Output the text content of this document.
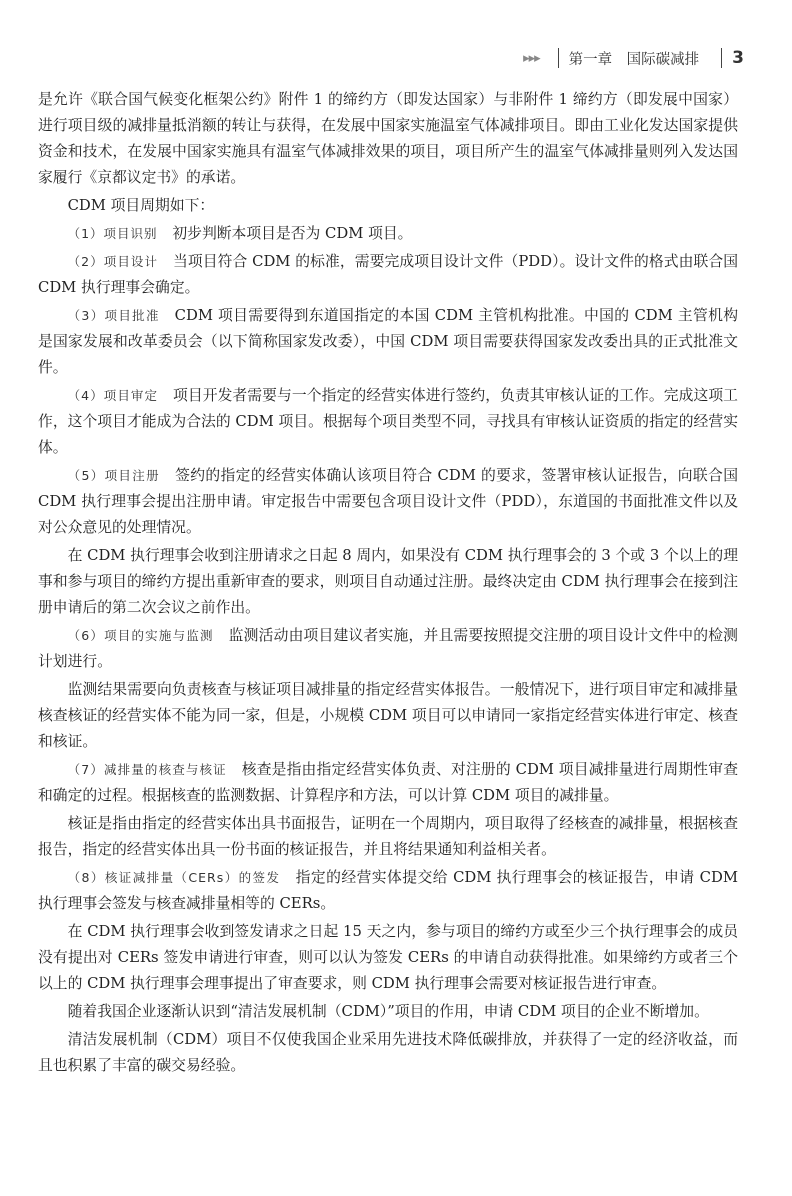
▸▸▸ 第一章　国际碳减排 3

是允许《联合国气候变化框架公约》附件 1 的缔约方（即发达国家）与非附件 1 缔约方（即发展中国家）进行项目级的减排量抵消额的转让与获得，在发展中国家实施温室气体减排项目。即由工业化发达国家提供资金和技术，在发展中国家实施具有温室气体减排效果的项目，项目所产生的温室气体减排量则列入发达国家履行《京都议定书》的承诺。

CDM 项目周期如下：

（1）项目识别  初步判断本项目是否为 CDM 项目。

（2）项目设计  当项目符合 CDM 的标准，需要完成项目设计文件（PDD）。设计文件的格式由联合国 CDM 执行理事会确定。

（3）项目批准  CDM 项目需要得到东道国指定的本国 CDM 主管机构批准。中国的 CDM 主管机构是国家发展和改革委员会（以下简称国家发改委），中国 CDM 项目需要获得国家发改委出具的正式批准文件。

（4）项目审定  项目开发者需要与一个指定的经营实体进行签约，负责其审核认证的工作。完成这项工作，这个项目才能成为合法的 CDM 项目。根据每个项目类型不同，寻找具有审核认证资质的指定的经营实体。

（5）项目注册  签约的指定的经营实体确认该项目符合 CDM 的要求，签署审核认证报告，向联合国 CDM 执行理事会提出注册申请。审定报告中需要包含项目设计文件（PDD），东道国的书面批准文件以及对公众意见的处理情况。

在 CDM 执行理事会收到注册请求之日起 8 周内，如果没有 CDM 执行理事会的 3 个或 3 个以上的理事和参与项目的缔约方提出重新审查的要求，则项目自动通过注册。最终决定由 CDM 执行理事会在接到注册申请后的第二次会议之前作出。

（6）项目的实施与监测  监测活动由项目建议者实施，并且需要按照提交注册的项目设计文件中的检测计划进行。

监测结果需要向负责核查与核证项目减排量的指定经营实体报告。一般情况下，进行项目审定和减排量核查核证的经营实体不能为同一家，但是，小规模 CDM 项目可以申请同一家指定经营实体进行审定、核查和核证。

（7）减排量的核查与核证  核查是指由指定经营实体负责、对注册的 CDM 项目减排量进行周期性审查和确定的过程。根据核查的监测数据、计算程序和方法，可以计算 CDM 项目的减排量。

核证是指由指定的经营实体出具书面报告，证明在一个周期内，项目取得了经核查的减排量，根据核查报告，指定的经营实体出具一份书面的核证报告，并且将结果通知利益相关者。

（8）核证减排量（CERs）的签发  指定的经营实体提交给 CDM 执行理事会的核证报告，申请 CDM 执行理事会签发与核查减排量相等的 CERs。

在 CDM 执行理事会收到签发请求之日起 15 天之内，参与项目的缔约方或至少三个执行理事会的成员没有提出对 CERs 签发申请进行审查，则可以认为签发 CERs 的申请自动获得批准。如果缔约方或者三个以上的 CDM 执行理事会理事提出了审查要求，则 CDM 执行理事会需要对核证报告进行审查。

随着我国企业逐渐认识到“清洁发展机制（CDM）”项目的作用，申请 CDM 项目的企业不断增加。

清洁发展机制（CDM）项目不仅使我国企业采用先进技术降低碳排放，并获得了一定的经济收益，而且也积累了丰富的碳交易经验。
